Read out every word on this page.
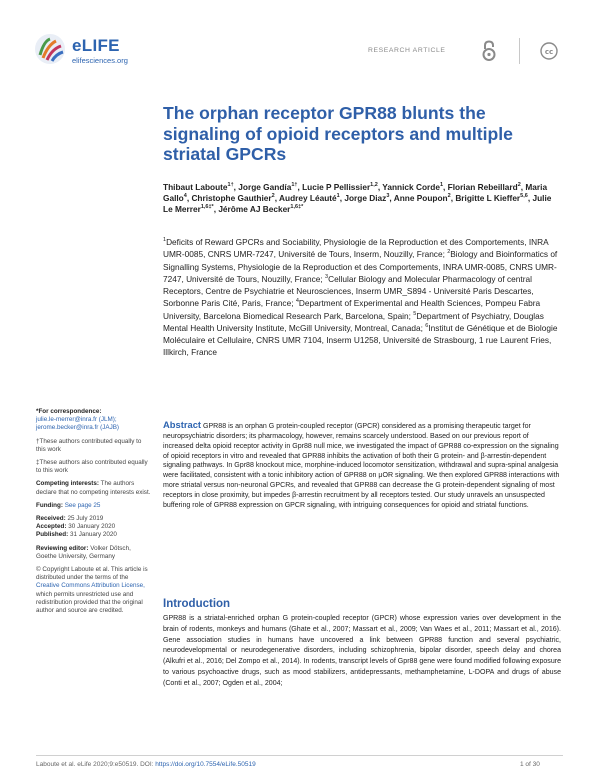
eLIFE
elifesciences.org
RESEARCH ARTICLE	cc
The orphan receptor GPR88 blunts the signaling of opioid receptors and multiple striatal GPCRs
Thibaut Laboute$^{1\dagger}$, Jorge Gandía$^{1\dagger}$, Lucie P Pellissier$^{1,2}$, Yannick Corde$^1$, Florian Rebeillard$^2$, Maria Gallo$^4$, Christophe Gauthier$^2$, Audrey Léauté$^1$, Jorge Diaz$^3$, Anne Poupon$^2$, Brigitte L Kieffer$^{5,6}$, Julie Le Merrer$^{1,6\ddagger*}$, Jérôme AJ Becker$^{1,6\ddagger*}$
$^1$Deficits of Reward GPCRs and Sociability, Physiologie de la Reproduction et des Comportements, INRA UMR-0085, CNRS UMR-7247, Université de Tours, Inserm, Nouzilly, France; $^2$Biology and Bioinformatics of Signalling Systems, Physiologie de la Reproduction et des Comportements, INRA UMR-0085, CNRS UMR-7247, Université de Tours, Nouzilly, France; $^3$Cellular Biology and Molecular Pharmacology of central Receptors, Centre de Psychiatrie et Neurosciences, Inserm UMR_S894 - Université Paris Descartes, Sorbonne Paris Cité, Paris, France; $^4$Department of Experimental and Health Sciences, Pompeu Fabra University, Barcelona Biomedical Research Park, Barcelona, Spain; $^5$Department of Psychiatry, Douglas Mental Health University Institute, McGill University, Montreal, Canada; $^6$Institut de Génétique et de Biologie Moléculaire et Cellulaire, CNRS UMR 7104, Inserm U1258, Université de Strasbourg, 1 rue Laurent Fries, Illkirch, France
*For correspondence:
julie.le-merrer@inra.fr (JLM);
jerome.becker@inra.fr (JAJB)
†These authors contributed equally to this work
‡These authors also contributed equally to this work
Competing interests: The authors declare that no competing interests exist.
Funding: See page 25
Received: 25 July 2019
Accepted: 30 January 2020
Published: 31 January 2020
Reviewing editor: Volker Dötsch, Goethe University, Germany
© Copyright Laboute et al. This article is distributed under the terms of the Creative Commons Attribution License, which permits unrestricted use and redistribution provided that the original author and source are credited.
Abstract GPR88 is an orphan G protein-coupled receptor (GPCR) considered as a promising therapeutic target for neuropsychiatric disorders; its pharmacology, however, remains scarcely understood. Based on our previous report of increased delta opioid receptor activity in Gpr88 null mice, we investigated the impact of GPR88 co-expression on the signaling of opioid receptors in vitro and revealed that GPR88 inhibits the activation of both their G protein- and β-arrestin-dependent signaling pathways. In Gpr88 knockout mice, morphine-induced locomotor sensitization, withdrawal and supra-spinal analgesia were facilitated, consistent with a tonic inhibitory action of GPR88 on μOR signaling. We then explored GPR88 interactions with more striatal versus non-neuronal GPCRs, and revealed that GPR88 can decrease the G protein-dependent signaling of most receptors in close proximity, but impedes β-arrestin recruitment by all receptors tested. Our study unravels an unsuspected buffering role of GPR88 expression on GPCR signaling, with intriguing consequences for opioid and striatal functions.
Introduction
GPR88 is a striatal-enriched orphan G protein-coupled receptor (GPCR) whose expression varies over development in the brain of rodents, monkeys and humans (Ghate et al., 2007; Massart et al., 2009; Van Waes et al., 2011; Massart et al., 2016). Gene association studies in humans have uncovered a link between GPR88 function and several psychiatric, neurodevelopmental or neurodegenerative disorders, including schizophrenia, bipolar disorder, speech delay and chorea (Alkufri et al., 2016; Del Zompo et al., 2014). In rodents, transcript levels of Gpr88 gene were found modified following exposure to various psychoactive drugs, such as mood stabilizers, antidepressants, methamphetamine, L-DOPA and drugs of abuse (Conti et al., 2007; Ogden et al., 2004;
Laboute et al. eLife 2020;9:e50519. DOI: https://doi.org/10.7554/eLife.50519	1 of 30
